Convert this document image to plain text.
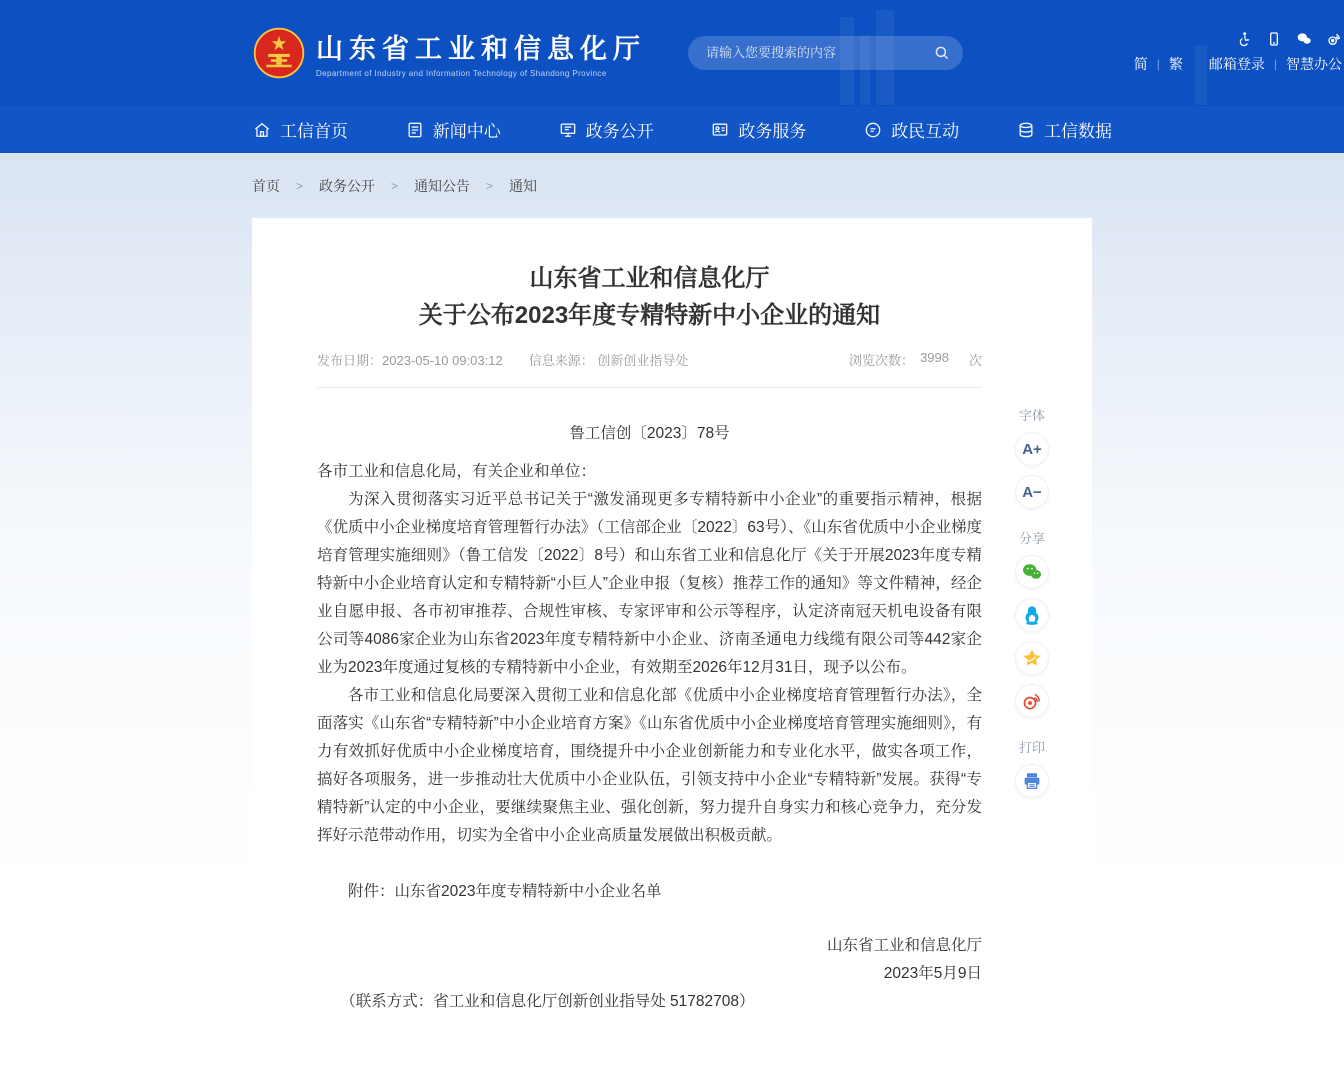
山东省工业和信息化厅
Department of Industry and Information Technology of Shandong Province
请输入您要搜索的内容
简 | 繁 邮箱登录 | 智慧办公
工信首页	新闻中心	政务公开	政务服务	政民互动	工信数据
首页 > 政务公开 > 通知公告 > 通知
山东省工业和信息化厅
关于公布2023年度专精特新中小企业的通知
发布日期：2023-05-10 09:03:12 信息来源： 创新创业指导处	浏览次数： 3998 次

鲁工信创〔2023〕78号

各市工业和信息化局，有关企业和单位：

为深入贯彻落实习近平总书记关于“激发涌现更多专精特新中小企业”的重要指示精神，根据《优质中小企业梯度培育管理暂行办法》（工信部企业〔2022〕63号）、《山东省优质中小企业梯度培育管理实施细则》（鲁工信发〔2022〕8号）和山东省工业和信息化厅《关于开展2023年度专精特新中小企业培育认定和专精特新“小巨人”企业申报（复核）推荐工作的通知》等文件精神，经企业自愿申报、各市初审推荐、合规性审核、专家评审和公示等程序，认定济南冠天机电设备有限公司等4086家企业为山东省2023年度专精特新中小企业、济南圣通电力线缆有限公司等442家企业为2023年度通过复核的专精特新中小企业，有效期至2026年12月31日，现予以公布。

各市工业和信息化局要深入贯彻工业和信息化部《优质中小企业梯度培育管理暂行办法》，全面落实《山东省“专精特新”中小企业培育方案》《山东省优质中小企业梯度培育管理实施细则》，有力有效抓好优质中小企业梯度培育，围绕提升中小企业创新能力和专业化水平，做实各项工作，搞好各项服务，进一步推动壮大优质中小企业队伍，引领支持中小企业“专精特新”发展。获得“专精特新”认定的中小企业，要继续聚焦主业、强化创新，努力提升自身实力和核心竞争力，充分发挥好示范带动作用，切实为全省中小企业高质量发展做出积极贡献。

附件：山东省2023年度专精特新中小企业名单

山东省工业和信息化厅
2023年5月9日

（联系方式：省工业和信息化厅创新创业指导处 51782708）

字体
A+
A−
分享
打印
